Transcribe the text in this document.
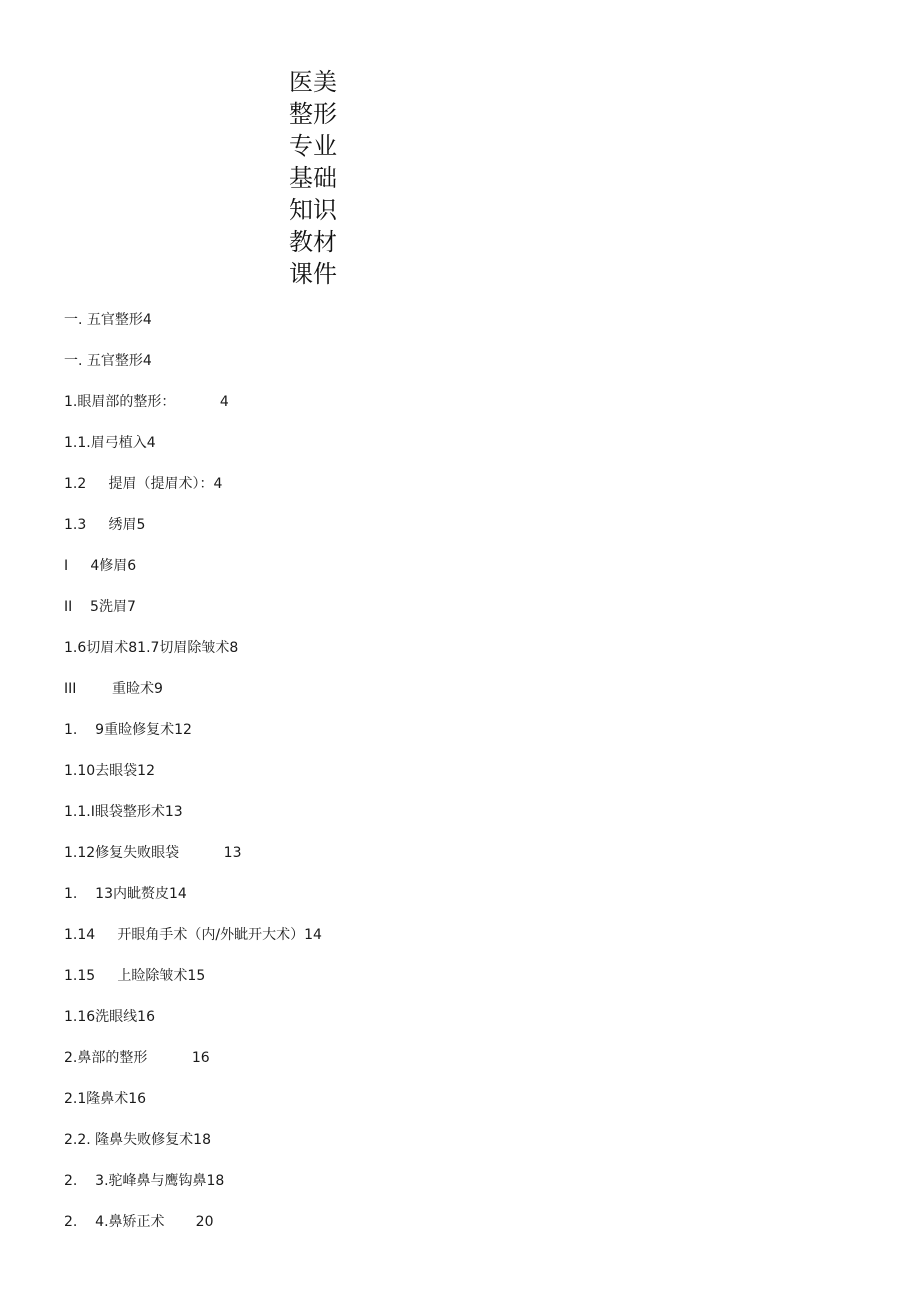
医美整形专业基础知识教材课件
一. 五官整形4
一. 五官整形4
1.眼眉部的整形：          4
1.1.眉弓植入4
1.2     提眉（提眉术）：4
1.3     绣眉5
I     4修眉6
II    5洗眉7
1.6切眉术81.7切眉除皱术8
III        重睑术9
1.    9重睑修复术12
1.10去眼袋12
1.1.I眼袋整形术13
1.12修复失败眼袋          13
1.    13内眦赘皮14
1.14     开眼角手术（内/外眦开大术）14
1.15     上睑除皱术15
1.16洗眼线16
2.鼻部的整形          16
2.1隆鼻术16
2.2. 隆鼻失败修复术18
2.    3.驼峰鼻与鹰钩鼻18
2.    4.鼻矫正术       20
